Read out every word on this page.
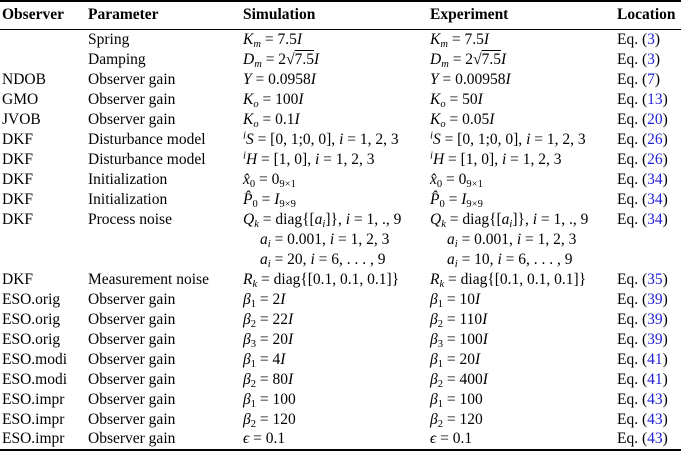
Observer	Parameter	Simulation	Experiment	Location
	Spring	$K_m = 7.5I$	$K_m = 7.5I$	Eq. (3)
	Damping	$D_m = 2√7.5I$	$D_m = 2√7.5I$	Eq. (3)
NDOB	Observer gain	Y = 0.0958I	Y = 0.00958I	Eq. (7)
GMO	Observer gain	$K_o = 100I$	$K_o = 50I$	Eq. (13)
JVOB	Observer gain	$K_o = 0.1I$	$K_o = 0.05I$	Eq. (20)
DKF	Disturbance model	$^i$S = [0, 1;0, 0], i = 1, 2, 3	$^i$S = [0, 1;0, 0], i = 1, 2, 3	Eq. (26)
DKF	Disturbance model	$^i$H = [1, 0], i = 1, 2, 3	$^i$H = [1, 0], i = 1, 2, 3	Eq. (26)
DKF	Initialization	$x̂_0 = 0_{9\times 1}$	$x̂_0 = 0_{9\times 1}$	Eq. (34)
DKF	Initialization	$P̂_0 = I_{9\times 9}$	$P̂_0 = I_{9\times 9}$	Eq. (34)
DKF	Process noise	$Q_k$ = $diag\{[a_i]\}$, i = 1, ., 9	$Q_k$ = $diag\{[a_i]\}$, i = 1, ., 9	Eq. (34)
		$a_i = 0.001$, i = 1, 2, 3	$a_i = 0.001$, i = 1, 2, 3	
		$a_i = 20$, i = 6, . . . , 9	$a_i = 10$, i = 6, . . . , 9	
DKF	Measurement noise	$R_k$ = diag{[0.1, 0.1, 0.1]}	$R_k$ = diag{[0.1, 0.1, 0.1]}	Eq. (35)
ESO.orig	Observer gain	$\beta_1 = 2I$	$\beta_1 = 10I$	Eq. (39)
ESO.orig	Observer gain	$\beta_2 = 22I$	$\beta_2 = 110I$	Eq. (39)
ESO.orig	Observer gain	$\beta_3 = 20I$	$\beta_3 = 100I$	Eq. (39)
ESO.modi	Observer gain	$\beta_1 = 4I$	$\beta_1 = 20I$	Eq. (41)
ESO.modi	Observer gain	$\beta_2 = 80I$	$\beta_2 = 400I$	Eq. (41)
ESO.impr	Observer gain	$\beta_1 = 100$	$\beta_1 = 100$	Eq. (43)
ESO.impr	Observer gain	$\beta_2 = 120$	$\beta_2 = 120$	Eq. (43)
ESO.impr	Observer gain	ϵ = 0.1	ϵ = 0.1	Eq. (43)
